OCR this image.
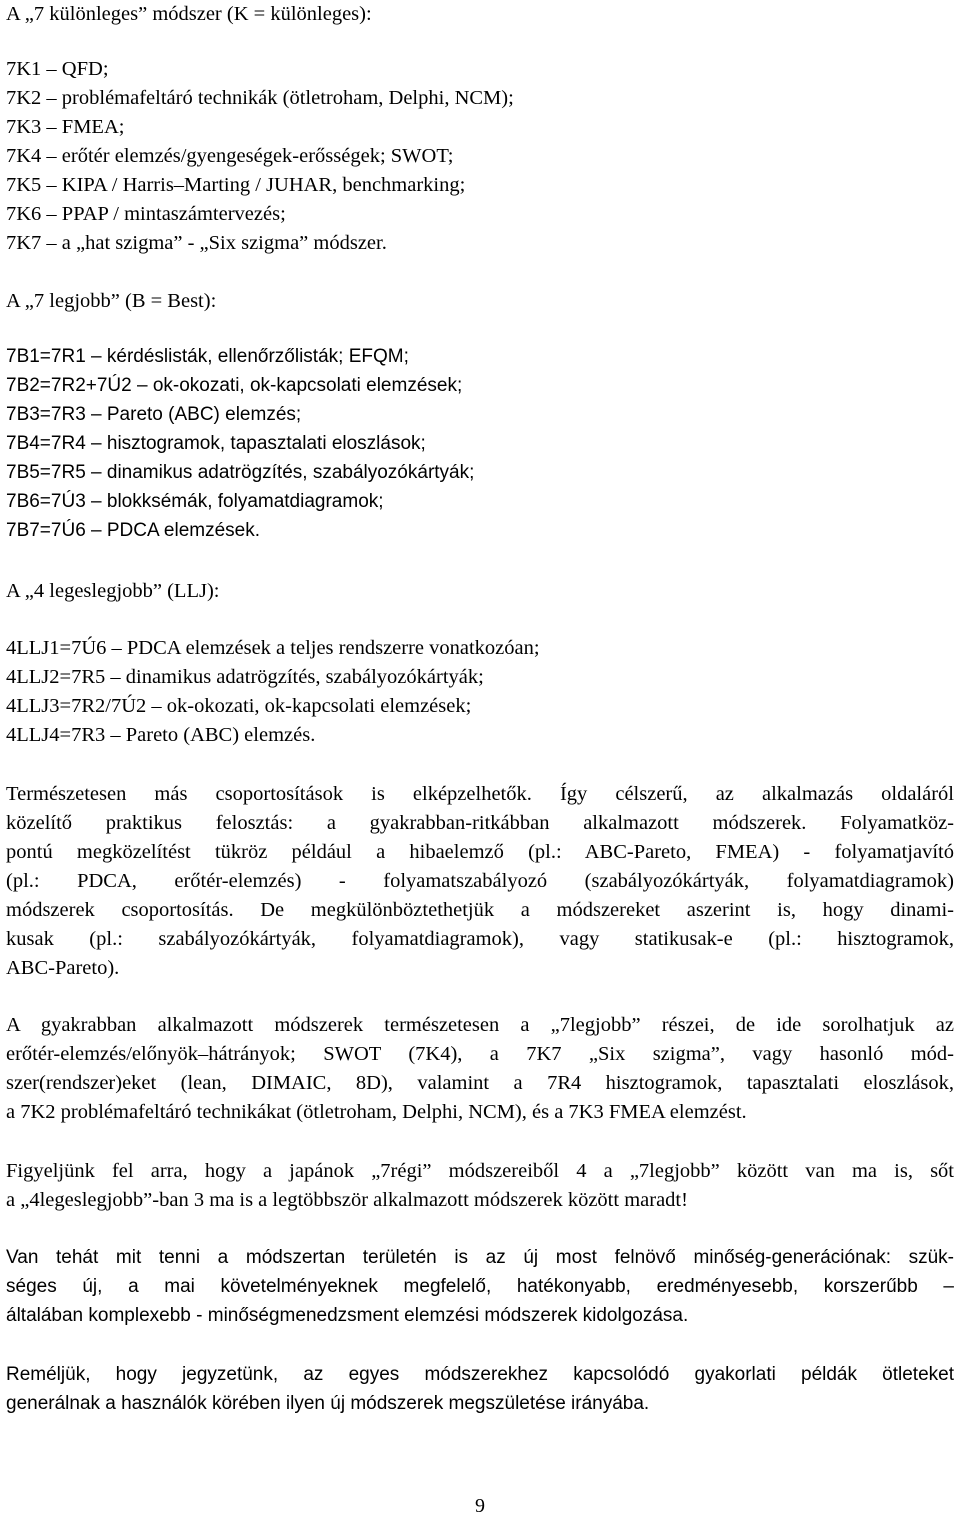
A „7 különleges” módszer (K = különleges):
7K1 – QFD;
7K2 – problémafeltáró technikák (ötletroham, Delphi, NCM);
7K3 – FMEA;
7K4 – erőtér elemzés/gyengeségek-erősségek; SWOT;
7K5 – KIPA / Harris–Marting / JUHAR, benchmarking;
7K6 – PPAP / mintaszámtervezés;
7K7 – a „hat szigma” - „Six szigma” módszer.
A „7 legjobb” (B = Best):
7B1=7R1 – kérdéslisták, ellenőrzőlisták; EFQM;
7B2=7R2+7Ú2 – ok-okozati, ok-kapcsolati elemzések;
7B3=7R3 – Pareto (ABC) elemzés;
7B4=7R4 – hisztogramok, tapasztalati eloszlások;
7B5=7R5 – dinamikus adatrögzítés, szabályozókártyák;
7B6=7Ú3 – blokksémák, folyamatdiagramok;
7B7=7Ú6 – PDCA elemzések.
A „4 legeslegjobb” (LLJ):
4LLJ1=7Ú6 – PDCA elemzések a teljes rendszerre vonatkozóan;
4LLJ2=7R5 – dinamikus adatrögzítés, szabályozókártyák;
4LLJ3=7R2/7Ú2 – ok-okozati, ok-kapcsolati elemzések;
4LLJ4=7R3 – Pareto (ABC) elemzés.
Természetesen más csoportosítások is elképzelhetők. Így célszerű, az alkalmazás oldaláról
közelítő praktikus felosztás: a gyakrabban-ritkábban alkalmazott módszerek. Folyamatköz-
pontú megközelítést tükröz például a hibaelemző (pl.: ABC-Pareto, FMEA) - folyamatjavító
(pl.: PDCA, erőtér-elemzés) - folyamatszabályozó (szabályozókártyák, folyamatdiagramok)
módszerek csoportosítás. De megkülönböztethetjük a módszereket aszerint is, hogy dinami-
kusak (pl.: szabályozókártyák, folyamatdiagramok), vagy statikusak-e (pl.: hisztogramok,
ABC-Pareto).
A gyakrabban alkalmazott módszerek természetesen a „7legjobb” részei, de ide sorolhatjuk az
erőtér-elemzés/előnyök–hátrányok; SWOT (7K4), a 7K7 „Six szigma”, vagy hasonló mód-
szer(rendszer)eket (lean, DIMAIC, 8D), valamint a 7R4 hisztogramok, tapasztalati eloszlások,
a 7K2 problémafeltáró technikákat (ötletroham, Delphi, NCM), és a 7K3 FMEA elemzést.
Figyeljünk fel arra, hogy a japánok „7régi” módszereiből 4 a „7legjobb” között van ma is, sőt
a „4legeslegjobb”-ban 3 ma is a legtöbbször alkalmazott módszerek között maradt!
Van tehát mit tenni a módszertan területén is az új most felnövő minőség-generációnak: szük-
séges új, a mai követelményeknek megfelelő, hatékonyabb, eredményesebb, korszerűbb –
általában komplexebb - minőségmenedzsment elemzési módszerek kidolgozása.
Reméljük, hogy jegyzetünk, az egyes módszerekhez kapcsolódó gyakorlati példák ötleteket
generálnak a használók körében ilyen új módszerek megszületése irányába.
9
